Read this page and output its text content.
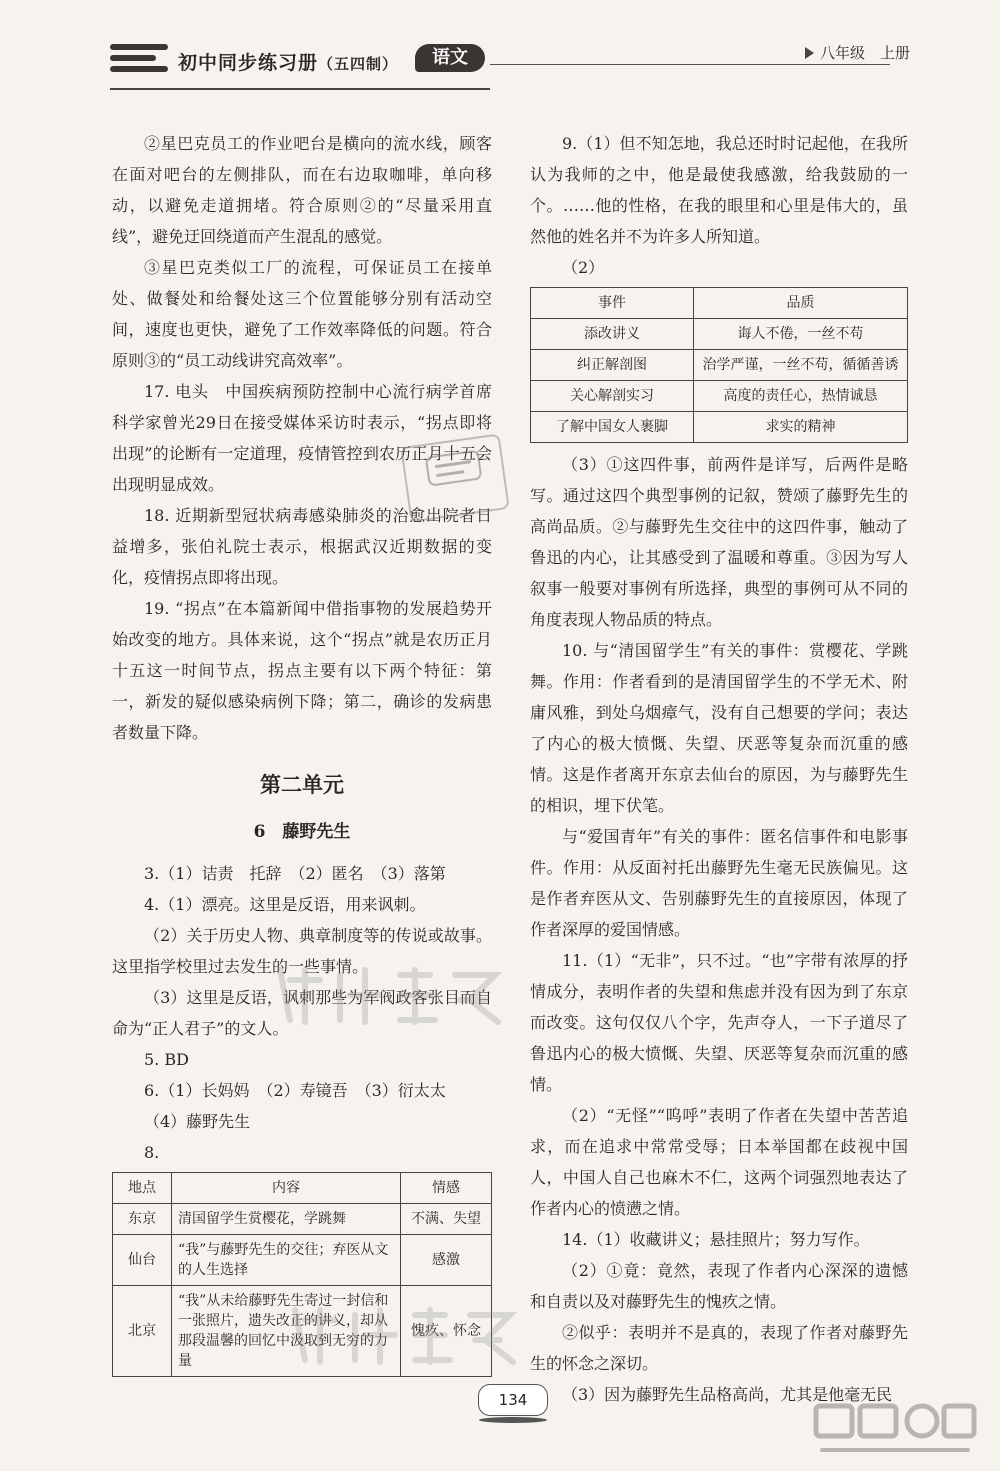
初中同步练习册（五四制）	语文	八年级　上册

②星巴克员工的作业吧台是横向的流水线，顾客在面对吧台的左侧排队，而在右边取咖啡，单向移动，以避免走道拥堵。符合原则②的“尽量采用直线”，避免迂回绕道而产生混乱的感觉。

③星巴克类似工厂的流程，可保证员工在接单处、做餐处和给餐处这三个位置能够分别有活动空间，速度也更快，避免了工作效率降低的问题。符合原则③的“员工动线讲究高效率”。

17. 电头　中国疾病预防控制中心流行病学首席科学家曾光29日在接受媒体采访时表示，“拐点即将出现”的论断有一定道理，疫情管控到农历正月十五会出现明显成效。

18. 近期新型冠状病毒感染肺炎的治愈出院者日益增多，张伯礼院士表示，根据武汉近期数据的变化，疫情拐点即将出现。

19. “拐点”在本篇新闻中借指事物的发展趋势开始改变的地方。具体来说，这个“拐点”就是农历正月十五这一时间节点，拐点主要有以下两个特征：第一，新发的疑似感染病例下降；第二，确诊的发病患者数量下降。

第二单元
6　藤野先生

3.（1）诘责　托辞　（2）匿名　（3）落第

4.（1）漂亮。这里是反语，用来讽刺。

（2）关于历史人物、典章制度等的传说或故事。这里指学校里过去发生的一些事情。

（3）这里是反语，讽刺那些为军阀政客张目而自命为“正人君子”的文人。

5. BD

6.（1）长妈妈　（2）寿镜吾　（3）衍太太

（4）藤野先生

8.

地点	内容	情感
东京	清国留学生赏樱花，学跳舞	不满、失望
仙台	“我”与藤野先生的交往；弃医从文的人生选择	感激
北京	“我”从未给藤野先生寄过一封信和一张照片，遗失改正的讲义，却从那段温馨的回忆中汲取到无穷的力量	愧疚、怀念

9.（1）但不知怎地，我总还时时记起他，在我所认为我师的之中，他是最使我感激，给我鼓励的一个。……他的性格，在我的眼里和心里是伟大的，虽然他的姓名并不为许多人所知道。

（2）

事件	品质
添改讲义	诲人不倦，一丝不苟
纠正解剖图	治学严谨，一丝不苟，循循善诱
关心解剖实习	高度的责任心，热情诚恳
了解中国女人裹脚	求实的精神

（3）①这四件事，前两件是详写，后两件是略写。通过这四个典型事例的记叙，赞颂了藤野先生的高尚品质。②与藤野先生交往中的这四件事，触动了鲁迅的内心，让其感受到了温暖和尊重。③因为写人叙事一般要对事例有所选择，典型的事例可从不同的角度表现人物品质的特点。

10. 与“清国留学生”有关的事件：赏樱花、学跳舞。作用：作者看到的是清国留学生的不学无术、附庸风雅，到处乌烟瘴气，没有自己想要的学问；表达了内心的极大愤慨、失望、厌恶等复杂而沉重的感情。这是作者离开东京去仙台的原因，为与藤野先生的相识，埋下伏笔。

与“爱国青年”有关的事件：匿名信事件和电影事件。作用：从反面衬托出藤野先生毫无民族偏见。这是作者弃医从文、告别藤野先生的直接原因，体现了作者深厚的爱国情感。

11.（1）“无非”，只不过。“也”字带有浓厚的抒情成分，表明作者的失望和焦虑并没有因为到了东京而改变。这句仅仅八个字，先声夺人，一下子道尽了鲁迅内心的极大愤慨、失望、厌恶等复杂而沉重的感情。

（2）“无怪”“呜呼”表明了作者在失望中苦苦追求，而在追求中常常受辱；日本举国都在歧视中国人，中国人自己也麻木不仁，这两个词强烈地表达了作者内心的愤懑之情。

14.（1）收藏讲义；悬挂照片；努力写作。

（2）①竟：竟然，表现了作者内心深深的遗憾和自责以及对藤野先生的愧疚之情。

②似乎：表明并不是真的，表现了作者对藤野先生的怀念之深切。

（3）因为藤野先生品格高尚，尤其是他毫无民

134
